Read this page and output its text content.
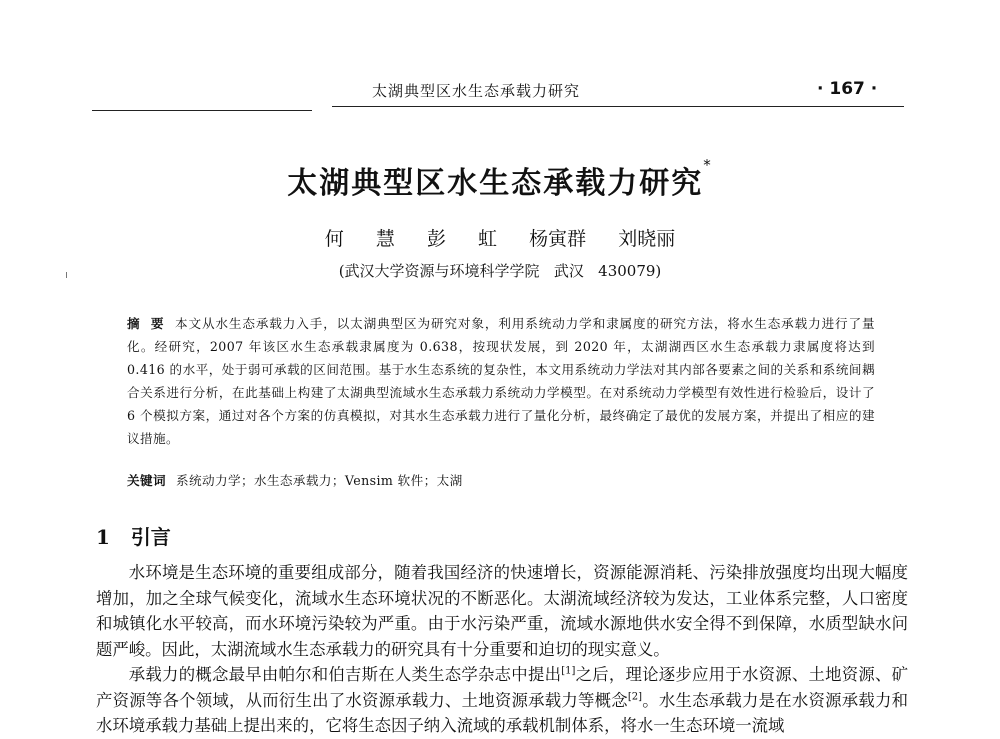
太湖典型区水生态承载力研究	· 167 ·
太湖典型区水生态承载力研究*
何  慧  彭  虹  杨寅群  刘晓丽
(武汉大学资源与环境科学学院   武汉   430079)
摘 要 本文从水生态承载力入手，以太湖典型区为研究对象，利用系统动力学和隶属度的研究方法，将水生态承载力进行了量化。经研究，2007 年该区水生态承载隶属度为 0.638，按现状发展，到 2020 年，太湖湖西区水生态承载力隶属度将达到 0.416 的水平，处于弱可承载的区间范围。基于水生态系统的复杂性，本文用系统动力学法对其内部各要素之间的关系和系统间耦合关系进行分析，在此基础上构建了太湖典型流域水生态承载力系统动力学模型。在对系统动力学模型有效性进行检验后，设计了 6 个模拟方案，通过对各个方案的仿真模拟，对其水生态承载力进行了量化分析，最终确定了最优的发展方案，并提出了相应的建议措施。
关键词 系统动力学；水生态承载力；Vensim 软件；太湖
1 引言

水环境是生态环境的重要组成部分，随着我国经济的快速增长，资源能源消耗、污染排放强度均出现大幅度增加，加之全球气候变化，流域水生态环境状况的不断恶化。太湖流域经济较为发达，工业体系完整，人口密度和城镇化水平较高，而水环境污染较为严重。由于水污染严重，流域水源地供水安全得不到保障，水质型缺水问题严峻。因此，太湖流域水生态承载力的研究具有十分重要和迫切的现实意义。

承载力的概念最早由帕尔和伯吉斯在人类生态学杂志中提出[1]之后，理论逐步应用于水资源、土地资源、矿产资源等各个领域，从而衍生出了水资源承载力、土地资源承载力等概念[2]。水生态承载力是在水资源承载力和水环境承载力基础上提出来的，它将生态因子纳入流域的承载机制体系，将水一生态环境一流域
